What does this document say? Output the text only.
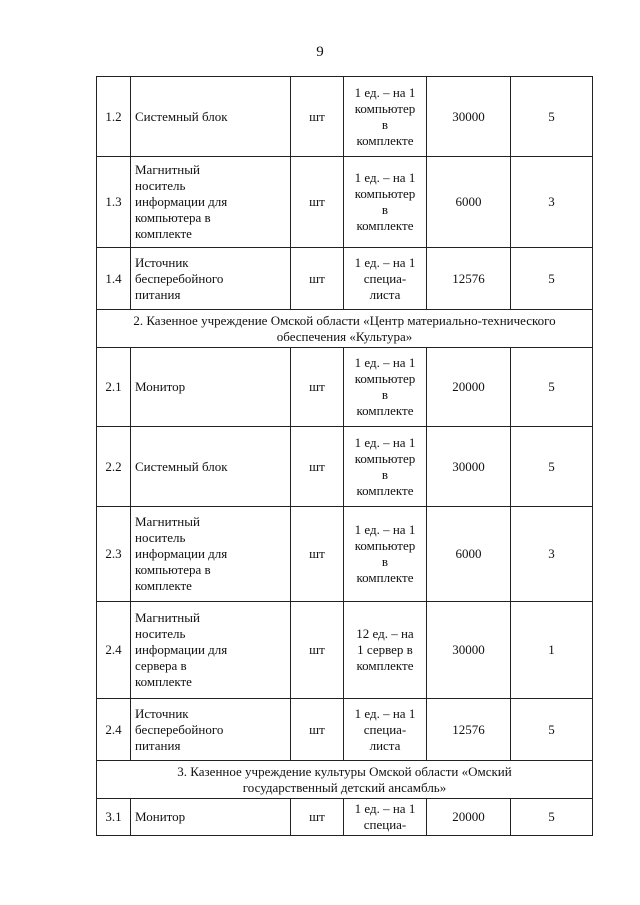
9
1.2	Системный блок	шт	1 ед. – на 1
компьютер
в
комплекте	30000	5
1.3	Магнитный
носитель
информации для
компьютера в
комплекте	шт	1 ед. – на 1
компьютер
в
комплекте	6000	3
1.4	Источник
бесперебойного
питания	шт	1 ед. – на 1
специа-
листа	12576	5
2. Казенное учреждение Омской области «Центр материально-технического
обеспечения «Культура»					
2.1	Монитор	шт	1 ед. – на 1
компьютер
в
комплекте	20000	5
2.2	Системный блок	шт	1 ед. – на 1
компьютер
в
комплекте	30000	5
2.3	Магнитный
носитель
информации для
компьютера в
комплекте	шт	1 ед. – на 1
компьютер
в
комплекте	6000	3
2.4	Магнитный
носитель
информации для
сервера в
комплекте	шт	12 ед. – на
1 сервер в
комплекте	30000	1
2.4	Источник
бесперебойного
питания	шт	1 ед. – на 1
специа-
листа	12576	5
3. Казенное учреждение культуры Омской области «Омский
государственный детский ансамбль»					
3.1	Монитор	шт	1 ед. – на 1
специа-	20000	5
